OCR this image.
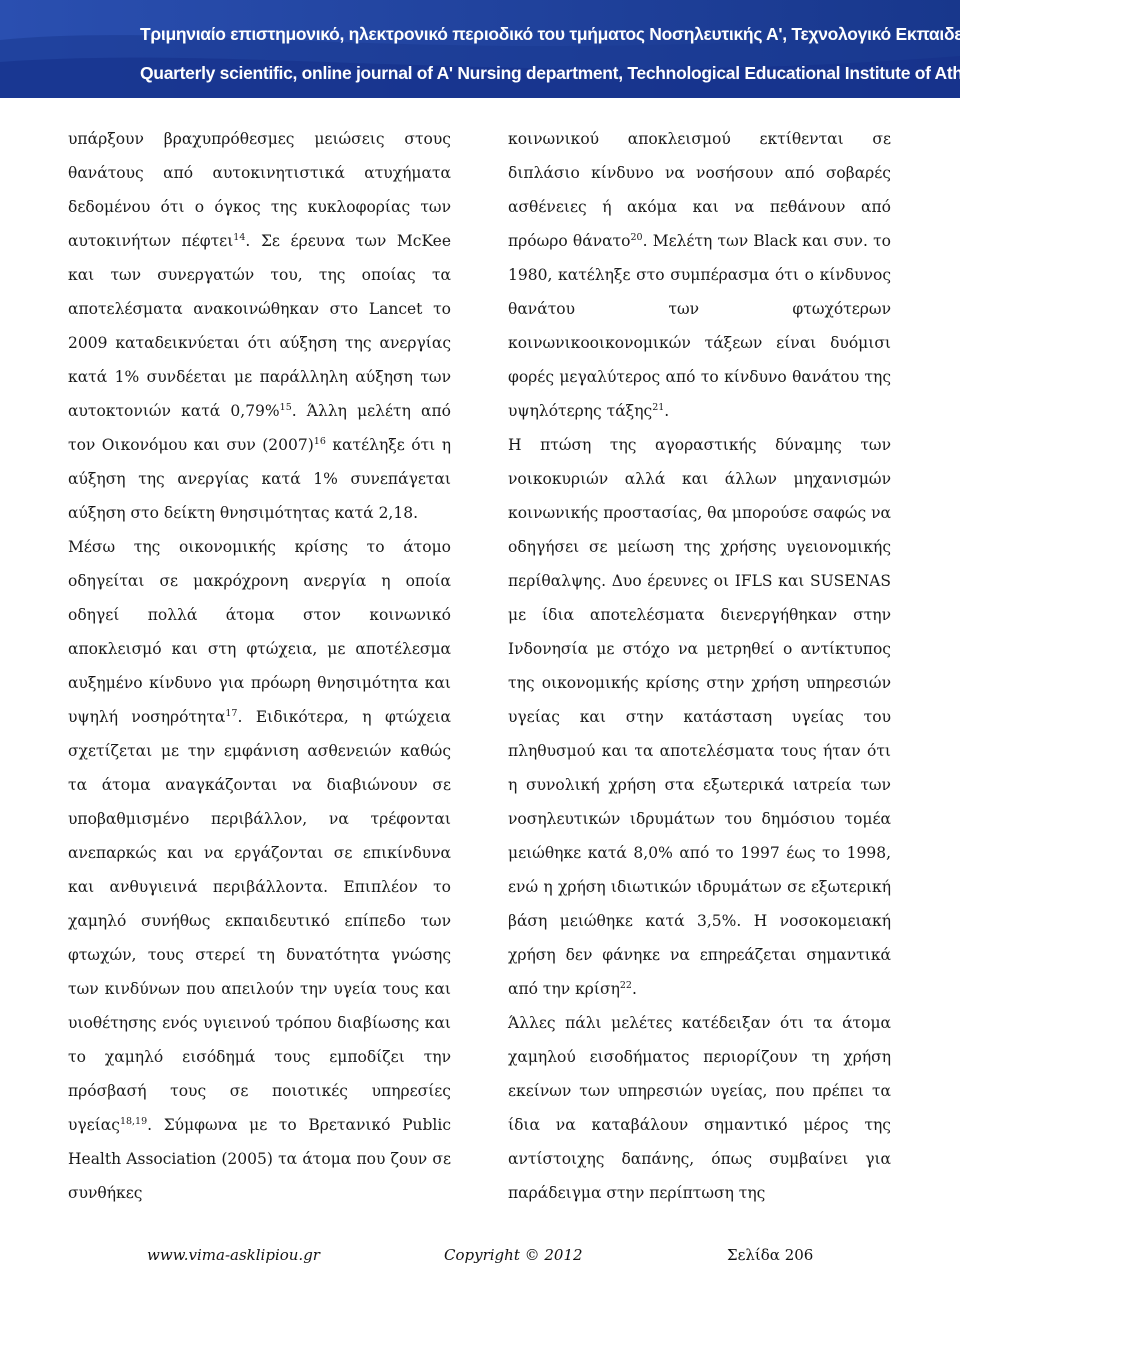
Τριμηνιαίο επιστημονικό, ηλεκτρονικό περιοδικό του τμήματος Νοσηλευτικής Α', Τεχνολογικό Εκπαιδευτικό Ίδρυμα Αθηνών
Quarterly scientific, online journal of A' Nursing department, Technological Educational Institute of Athens

υπάρξουν βραχυπρόθεσμες μειώσεις στους θανάτους από αυτοκινητιστικά ατυχήματα δεδομένου ότι ο όγκος της κυκλοφορίας των αυτοκινήτων πέφτει$^{14}$. Σε έρευνα των McKee και των συνεργατών του, της οποίας τα αποτελέσματα ανακοινώθηκαν στο Lancet το 2009 καταδεικνύεται ότι αύξηση της ανεργίας κατά 1% συνδέεται με παράλληλη αύξηση των αυτοκτονιών κατά 0,79%$^{15}$. Άλλη μελέτη από τον Οικονόμου και συν $(2007)^{16}$ κατέληξε ότι η αύξηση της ανεργίας κατά 1% συνεπάγεται αύξηση στο δείκτη θνησιμότητας κατά 2,18.

Μέσω της οικονομικής κρίσης το άτομο οδηγείται σε μακρόχρονη ανεργία η οποία οδηγεί πολλά άτομα στον κοινωνικό αποκλεισμό και στη φτώχεια, με αποτέλεσμα αυξημένο κίνδυνο για πρόωρη θνησιμότητα και υψηλή νοσηρότητα$^{17}$. Ειδικότερα, η φτώχεια σχετίζεται με την εμφάνιση ασθενειών καθώς τα άτομα αναγκάζονται να διαβιώνουν σε υποβαθμισμένο περιβάλλον, να τρέφονται ανεπαρκώς και να εργάζονται σε επικίνδυνα και ανθυγιεινά περιβάλλοντα. Επιπλέον το χαμηλό συνήθως εκπαιδευτικό επίπεδο των φτωχών, τους στερεί τη δυνατότητα γνώσης των κινδύνων που απειλούν την υγεία τους και υιοθέτησης ενός υγιεινού τρόπου διαβίωσης και το χαμηλό εισόδημά τους εμποδίζει την πρόσβασή τους σε ποιοτικές υπηρεσίες υγείας$^{18,19}$. Σύμφωνα με το Βρετανικό Public Health Association (2005) τα άτομα που ζουν σε συνθήκες

κοινωνικού αποκλεισμού εκτίθενται σε διπλάσιο κίνδυνο να νοσήσουν από σοβαρές ασθένειες ή ακόμα και να πεθάνουν από πρόωρο θάνατο$^{20}$. Μελέτη των Black και συν. το 1980, κατέληξε στο συμπέρασμα ότι ο κίνδυνος θανάτου των φτωχότερων κοινωνικοοικονομικών τάξεων είναι δυόμισι φορές μεγαλύτερος από το κίνδυνο θανάτου της υψηλότερης τάξης$^{21}$.

Η πτώση της αγοραστικής δύναμης των νοικοκυριών αλλά και άλλων μηχανισμών κοινωνικής προστασίας, θα μπορούσε σαφώς να οδηγήσει σε μείωση της χρήσης υγειονομικής περίθαλψης. Δυο έρευνες οι IFLS και SUSENAS με ίδια αποτελέσματα διενεργήθηκαν στην Ινδονησία με στόχο να μετρηθεί ο αντίκτυπος της οικονομικής κρίσης στην χρήση υπηρεσιών υγείας και στην κατάσταση υγείας του πληθυσμού και τα αποτελέσματα τους ήταν ότι η συνολική χρήση στα εξωτερικά ιατρεία των νοσηλευτικών ιδρυμάτων του δημόσιου τομέα μειώθηκε κατά 8,0% από το 1997 έως το 1998, ενώ η χρήση ιδιωτικών ιδρυμάτων σε εξωτερική βάση μειώθηκε κατά 3,5%. Η νοσοκομειακή χρήση δεν φάνηκε να επηρεάζεται σημαντικά από την κρίση$^{22}$.

Άλλες πάλι μελέτες κατέδειξαν ότι τα άτομα χαμηλού εισοδήματος περιορίζουν τη χρήση εκείνων των υπηρεσιών υγείας, που πρέπει τα ίδια να καταβάλουν σημαντικό μέρος της αντίστοιχης δαπάνης, όπως συμβαίνει για παράδειγμα στην περίπτωση της

www.vima-asklipiou.gr	Copyright © 2012	Σελίδα 206
